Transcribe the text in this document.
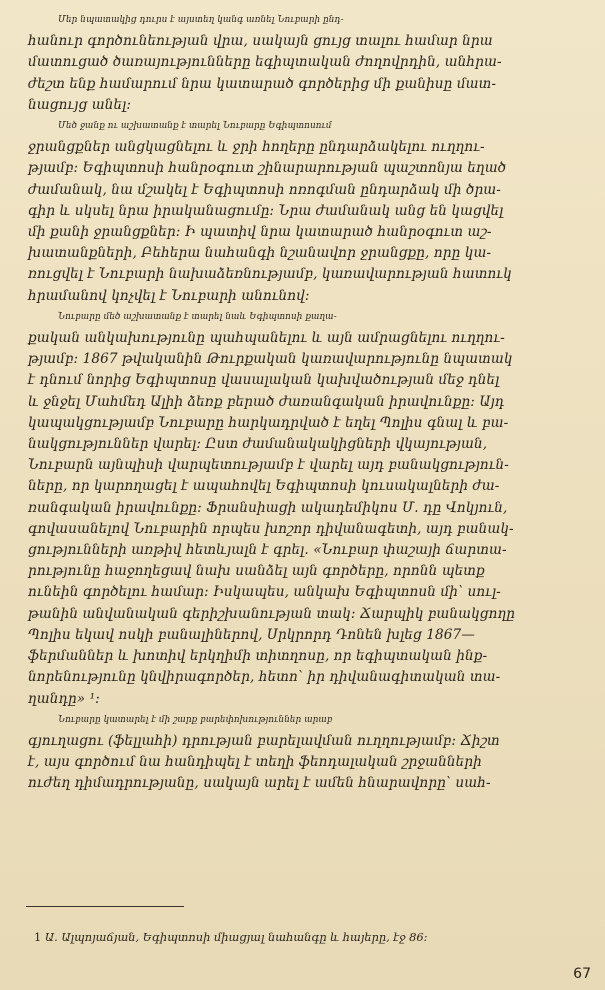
Մեր նպատակից դուրս է այստեղ կանգ առնել Նուբարի ընդ-
հանուր գործունեության վրա, սակայն ցույց տալու համար նրա
մատուցած ծառայությունները եգիպտական ժողովրդին, անհրա-
ժեշտ ենք համարում նրա կատարած գործերից մի քանիսը մատ-
նացույց անել։

Մեծ ջանք ու աշխատանք է տարել Նուբարը Եգիպտոսում
ջրանցքներ անցկացնելու և ջրի հողերը ընդարձակելու ուղղու-
թյամբ։ Եգիպտոսի հանրօգուտ շինարարության պաշտոնյա եղած
ժամանակ, նա մշակել է Եգիպտոսի ոռոգման ընդարձակ մի ծրա-
գիր և սկսել նրա իրականացումը։ Նրա ժամանակ անց են կացվել
մի քանի ջրանցքներ։ Ի պատիվ նրա կատարած հանրօգուտ աշ-
խատանքների, Բեհերա նահանգի նշանավոր ջրանցքը, որը կա-
ռուցվել է Նուբարի նախաձեռնությամբ, կառավարության հատուկ
հրամանով կոչվել է Նուբարի անունով։

Նուբարը մեծ աշխատանք է տարել նաև Եգիպտոսի քաղա-
քական անկախությունը պահպանելու և այն ամրացնելու ուղղու-
թյամբ։ 1867 թվականին Թուրքական կառավարությունը նպատակ
է դնում նորից Եգիպտոսը վասալական կախվածության մեջ դնել
և ջնջել Մահմեդ Ալիի ձեռք բերած ժառանգական իրավունքը։ Այդ
կապակցությամբ Նուբարը հարկադրված է եղել Պոլիս գնալ և բա-
նակցություններ վարել։ Ըստ ժամանակակիցների վկայության,
Նուբարն այնպիսի վարպետությամբ է վարել այդ բանակցություն-
ները, որ կարողացել է ապահովել Եգիպտոսի կուսակալների ժա-
ռանգական իրավունքը։ Ֆրանսիացի ակադեմիկոս Մ. դը Վոկյուն,
գովասանելով Նուբարին որպես խոշոր դիվանագետի, այդ բանակ-
ցությունների առթիվ հետևյալն է գրել. «Նուբար փաշայի ճարտա-
րությունը հաջողեցավ նախ սանձել այն գործերը, որոնն պետք
ունեին գործելու համար։ Իսկապես, անկախ Եգիպտոսն մի՝ սուլ-
թանին անվանական գերիշխանության տակ։ Ճարպիկ բանակցողը
Պոլիս եկավ ոսկի բանալիներով, Սրկրորդ Դոնեն խլեց 1867—
ֆերմաններ և խոտիվ երկղիմի տիտղոսը, որ եգիպտական ինք-
նորենությունը կնվիրագործեր, հետո՝ իր դիվանագիտական տա-
ղանդը» ¹։

Նուբարը կատարել է մի շարք բարեփոխություններ արաբ
գյուղացու (ֆելլահի) դրության բարելավման ուղղությամբ։ Ճիշտ
է, այս գործում նա հանդիպել է տեղի ֆեոդալական շրջանների
ուժեղ դիմադրությանը, սակայն արել է ամեն հնարավորը՝ սահ-

1 Ա. Ալպոյաճյան, Եգիպտոսի միացյալ նահանգը և հայերը, էջ 86։
67
